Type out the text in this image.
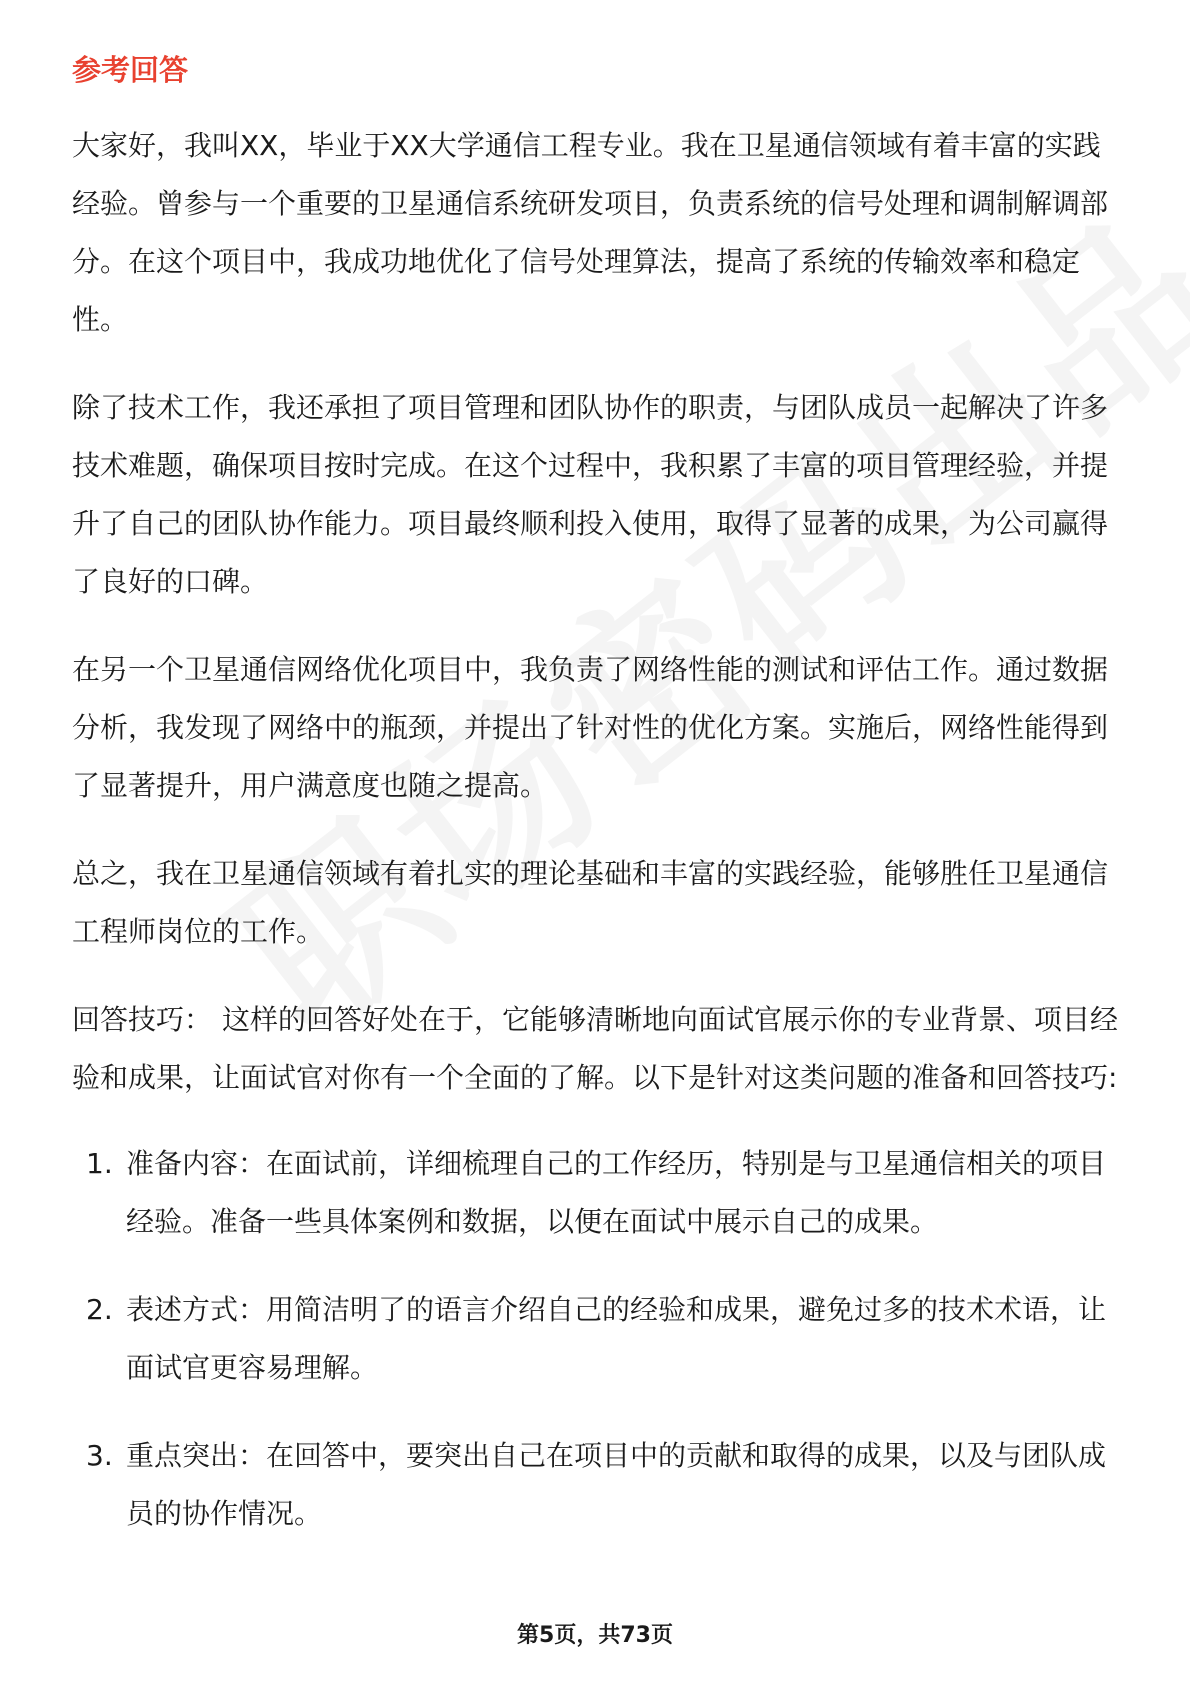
参考回答

大家好，我叫XX，毕业于XX大学通信工程专业。我在卫星通信领域有着丰富的实践经验。曾参与一个重要的卫星通信系统研发项目，负责系统的信号处理和调制解调部分。在这个项目中，我成功地优化了信号处理算法，提高了系统的传输效率和稳定性。

除了技术工作，我还承担了项目管理和团队协作的职责，与团队成员一起解决了许多技术难题，确保项目按时完成。在这个过程中，我积累了丰富的项目管理经验，并提升了自己的团队协作能力。项目最终顺利投入使用，取得了显著的成果，为公司赢得了良好的口碑。

在另一个卫星通信网络优化项目中，我负责了网络性能的测试和评估工作。通过数据分析，我发现了网络中的瓶颈，并提出了针对性的优化方案。实施后，网络性能得到了显著提升，用户满意度也随之提高。

总之，我在卫星通信领域有着扎实的理论基础和丰富的实践经验，能够胜任卫星通信工程师岗位的工作。

回答技巧： 这样的回答好处在于，它能够清晰地向面试官展示你的专业背景、项目经验和成果，让面试官对你有一个全面的了解。以下是针对这类问题的准备和回答技巧:

1. 准备内容：在面试前，详细梳理自己的工作经历，特别是与卫星通信相关的项目经验。准备一些具体案例和数据，以便在面试中展示自己的成果。
2. 表述方式：用简洁明了的语言介绍自己的经验和成果，避免过多的技术术语，让面试官更容易理解。
3. 重点突出：在回答中，要突出自己在项目中的贡献和取得的成果，以及与团队成员的协作情况。
第5页，共73页
